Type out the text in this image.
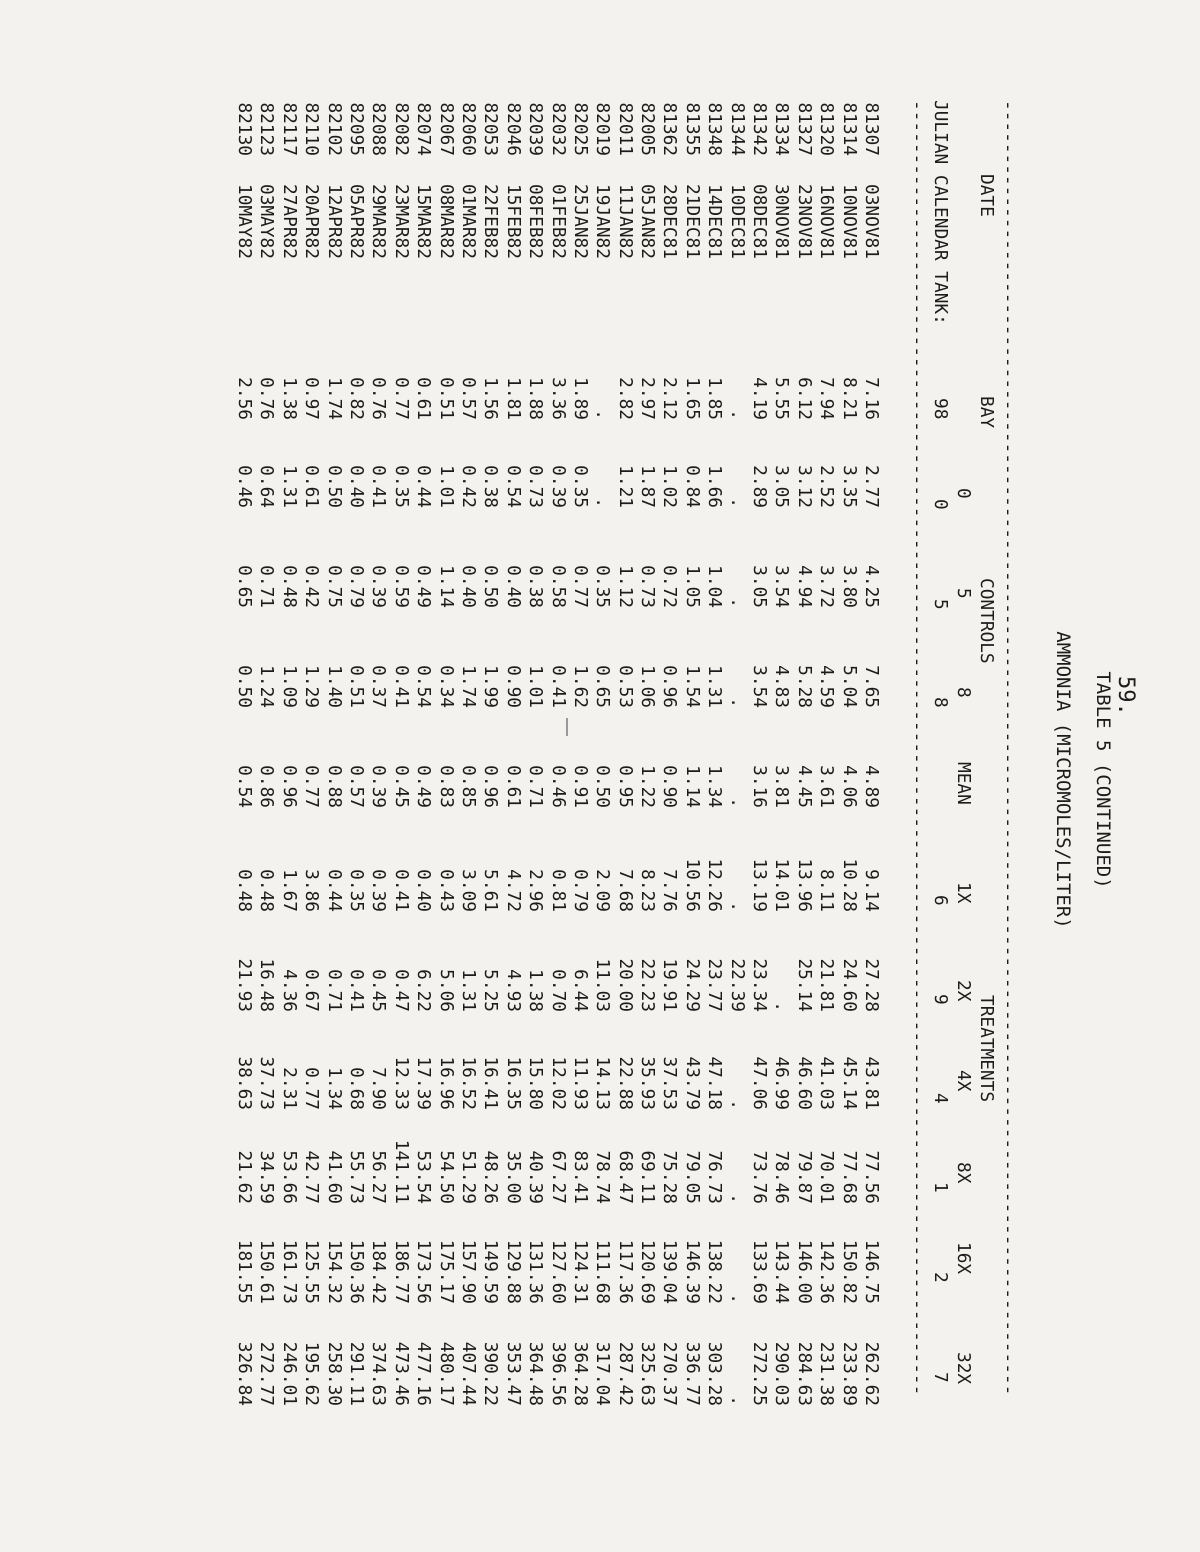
59.
TABLE 5 (CONTINUED)
AMMONIA (MICROMOLES/LITER)
-------------------------------------------------------------------------------------------------------------------------
DATE
BAY
CONTROLS
TREATMENTS
0
5
8
MEAN
1X
2X
4X
8X
16X
32X
JULIAN CALENDAR TANK:
98
0
5
8
6
9
4
1
2
7
-------------------------------------------------------------------------------------------------------------------------
81307
03NOV81
7.16
2.77
4.25
7.65
4.89
9.14
27.28
43.81
77.56
146.75
262.62
81314
10NOV81
8.21
3.35
3.80
5.04
4.06
10.28
24.60
45.14
77.68
150.82
233.89
81320
16NOV81
7.94
2.52
3.72
4.59
3.61
8.11
21.81
41.03
70.01
142.36
231.38
81327
23NOV81
6.12
3.12
4.94
5.28
4.45
13.96
25.14
46.60
79.87
146.00
284.63
81334
30NOV81
5.55
3.05
3.54
4.83
3.81
14.01
.
46.99
78.46
143.44
290.03
81342
08DEC81
4.19
2.89
3.05
3.54
3.16
13.19
23.34
47.06
73.76
133.69
272.25
81344
10DEC81
.
.
.
.
.
.
22.39
.
.
.
.
81348
14DEC81
1.85
1.66
1.04
1.31
1.34
12.26
23.77
47.18
76.73
138.22
303.28
81355
21DEC81
1.65
0.84
1.05
1.54
1.14
10.56
24.29
43.79
79.05
146.39
336.77
81362
28DEC81
2.12
1.02
0.72
0.96
0.90
7.76
19.91
37.53
75.28
139.04
270.37
82005
05JAN82
2.97
1.87
0.73
1.06
1.22
8.23
22.23
35.93
69.11
120.69
325.63
82011
11JAN82
2.82
1.21
1.12
0.53
0.95
7.68
20.00
22.88
68.47
117.36
287.42
82019
19JAN82
.
.
0.35
0.65
0.50
2.09
11.03
14.13
78.74
111.68
317.04
82025
25JAN82
1.89
0.35
0.77
1.62
0.91
0.79
6.44
11.93
83.41
124.31
364.28
82032
01FEB82
3.36
0.39
0.58
0.41
0.46
0.81
0.70
12.02
67.27
127.60
396.56
82039
08FEB82
1.88
0.73
0.38
1.01
0.71
2.96
1.38
15.80
40.39
131.36
364.48
82046
15FEB82
1.81
0.54
0.40
0.90
0.61
4.72
4.93
16.35
35.00
129.88
353.47
82053
22FEB82
1.56
0.38
0.50
1.99
0.96
5.61
5.25
16.41
48.26
149.59
390.22
82060
01MAR82
0.57
0.42
0.40
1.74
0.85
3.09
1.31
16.52
51.29
157.90
407.44
82067
08MAR82
0.51
1.01
1.14
0.34
0.83
0.43
5.06
16.96
54.50
175.17
480.17
82074
15MAR82
0.61
0.44
0.49
0.54
0.49
0.40
6.22
17.39
53.54
173.56
477.16
82082
23MAR82
0.77
0.35
0.59
0.41
0.45
0.41
0.47
12.33
141.11
186.77
473.46
82088
29MAR82
0.76
0.41
0.39
0.37
0.39
0.39
0.45
7.90
56.27
184.42
374.63
82095
05APR82
0.82
0.40
0.79
0.51
0.57
0.35
0.41
0.68
55.73
150.36
291.11
82102
12APR82
1.74
0.50
0.75
1.40
0.88
0.44
0.71
1.34
41.60
154.32
258.30
82110
20APR82
0.97
0.61
0.42
1.29
0.77
3.86
0.67
0.77
42.77
125.55
195.62
82117
27APR82
1.38
1.31
0.48
1.09
0.96
1.67
4.36
2.31
53.66
161.73
246.01
82123
03MAY82
0.76
0.64
0.71
1.24
0.86
0.48
16.48
37.73
34.59
150.61
272.77
82130
10MAY82
2.56
0.46
0.65
0.50
0.54
0.48
21.93
38.63
21.62
181.55
326.84
